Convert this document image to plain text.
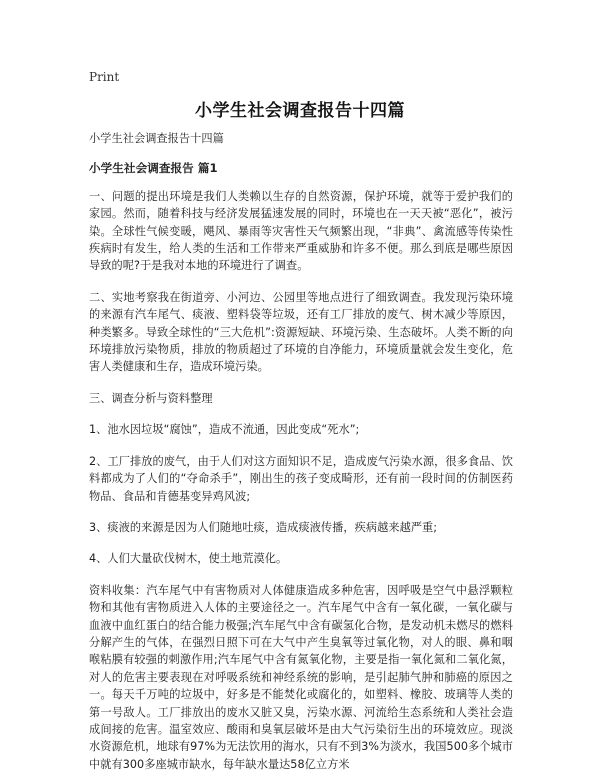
Print
小学生社会调查报告十四篇

小学生社会调查报告十四篇

小学生社会调查报告 篇1

一、问题的提出环境是我们人类赖以生存的自然资源，保护环境，就等于爱护我们的家园。然而，随着科技与经济发展猛速发展的同时，环境也在一天天被“恶化”，被污染。全球性气候变暖，飓风、暴雨等灾害性天气频繁出现，“非典”、禽流感等传染性疾病时有发生，给人类的生活和工作带来严重威胁和许多不便。那么到底是哪些原因导致的呢?于是我对本地的环境进行了调查。

二、实地考察我在街道旁、小河边、公园里等地点进行了细致调查。我发现污染环境的来源有汽车尾气、痰液、塑料袋等垃圾，还有工厂排放的废气、树木减少等原因，种类繁多。导致全球性的“三大危机”:资源短缺、环境污染、生态破坏。人类不断的向环境排放污染物质，排放的物质超过了环境的自净能力，环境质量就会发生变化，危害人类健康和生存，造成环境污染。

三、调查分析与资料整理

1、池水因垃圾“腐蚀”，造成不流通，因此变成“死水”;

2、工厂排放的废气，由于人们对这方面知识不足，造成废气污染水源，很多食品、饮料都成为了人们的“夺命杀手”，刚出生的孩子变成畸形，还有前一段时间的仿制医药物品、食品和肯德基变异鸡风波;

3、痰液的来源是因为人们随地吐痰，造成痰液传播，疾病越来越严重;

4、人们大量砍伐树木，使土地荒漠化。

资料收集：汽车尾气中有害物质对人体健康造成多种危害，因呼吸是空气中悬浮颗粒物和其他有害物质进入人体的主要途径之一。汽车尾气中含有一氧化碳，一氧化碳与血液中血红蛋白的结合能力极强;汽车尾气中含有碳氢化合物，是发动机未燃尽的燃料分解产生的气体，在强烈日照下可在大气中产生臭氧等过氧化物，对人的眼、鼻和咽喉粘膜有较强的刺激作用;汽车尾气中含有氮氧化物，主要是指一氧化氮和二氧化氮，对人的危害主要表现在对呼吸系统和神经系统的影响，是引起肺气肿和肺癌的原因之一。每天千万吨的垃圾中，好多是不能焚化或腐化的，如塑料、橡胶、玻璃等人类的第一号敌人。工厂排放出的废水又脏又臭，污染水源、河流给生态系统和人类社会造成间接的危害。温室效应、酸雨和臭氧层破坏是由大气污染衍生出的环境效应。现淡水资源危机，地球有97%为无法饮用的海水，只有不到3%为淡水，我国500多个城市中就有300多座城市缺水，每年缺水量达58亿立方米
